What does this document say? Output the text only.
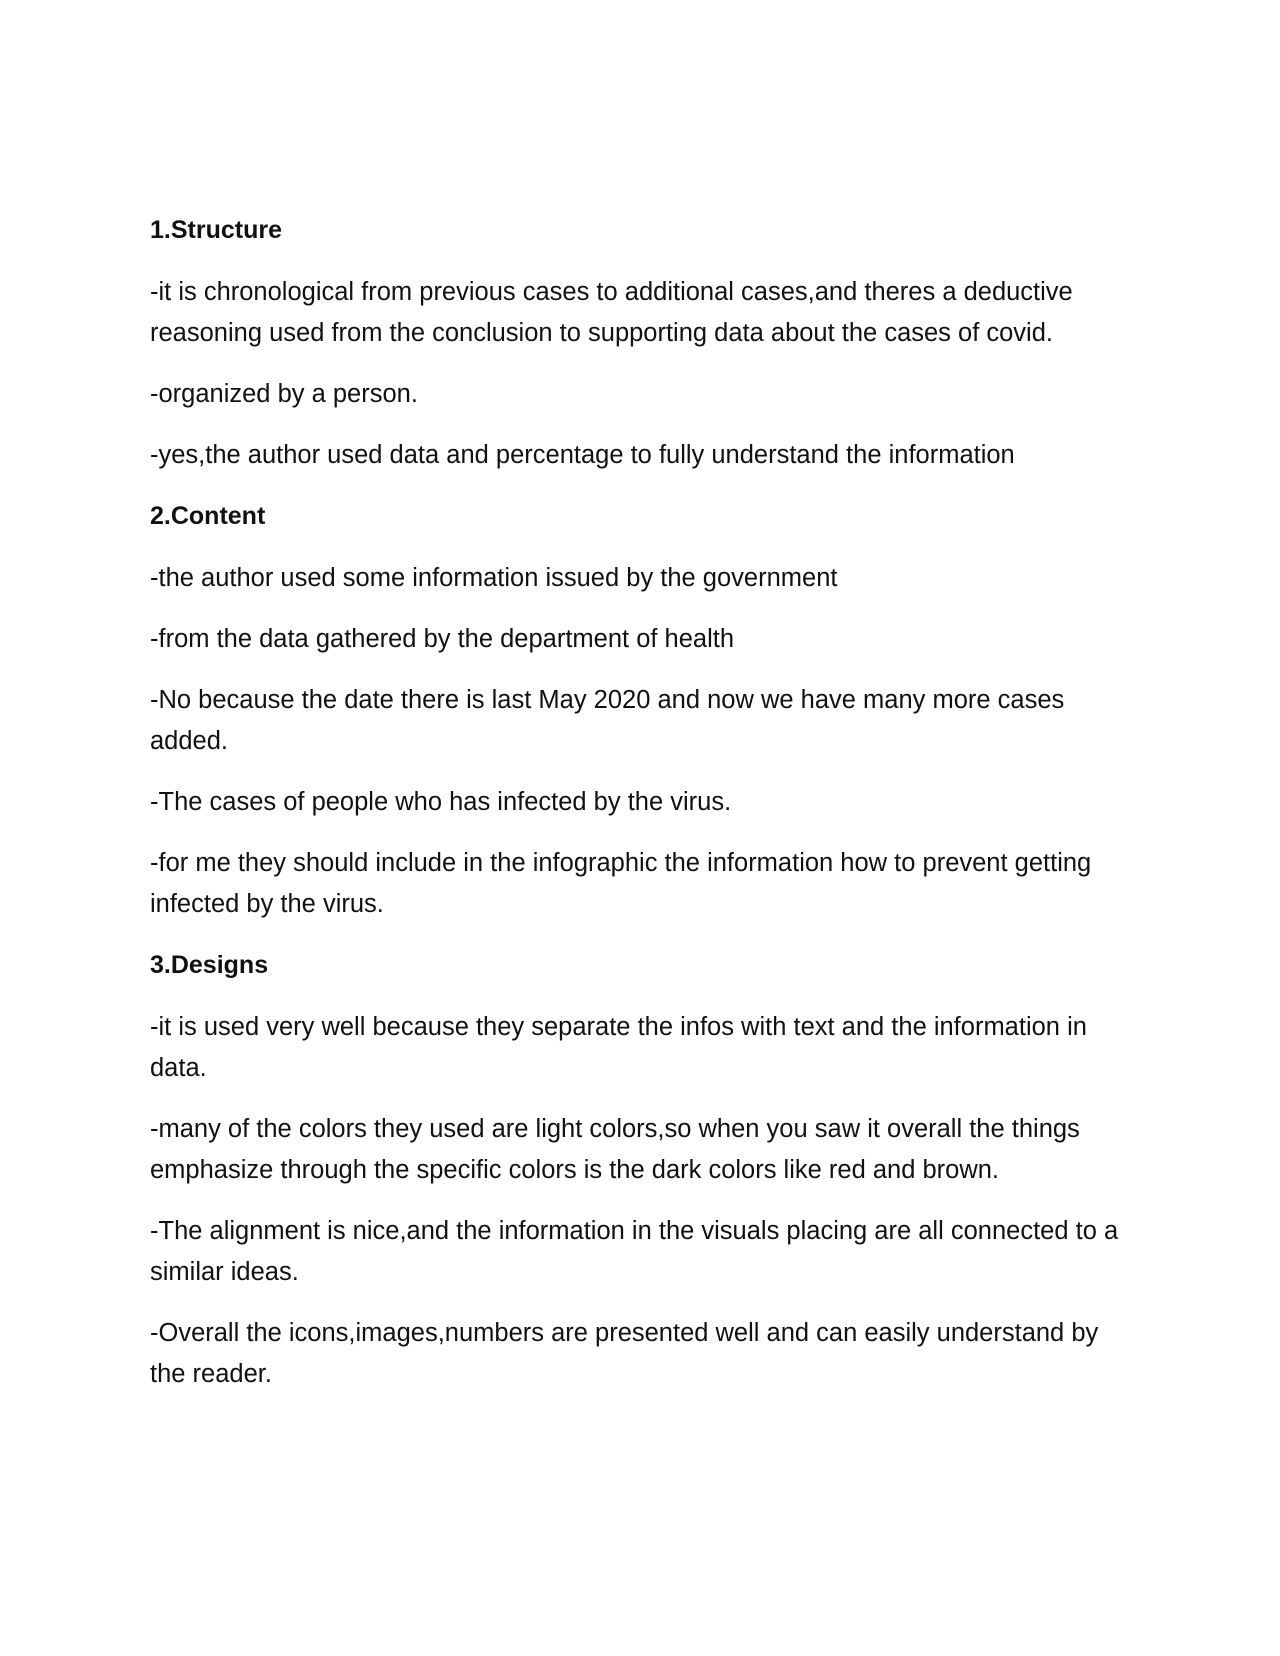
1.Structure

-it is chronological from previous cases to additional cases,and theres a deductive reasoning used from the conclusion to supporting data about the cases of covid.

-organized by a person.

-yes,the author used data and percentage to fully understand the information

2.Content

-the author used some information issued by the government

-from the data gathered by the department of health

-No because the date there is last May 2020 and now we have many more cases added.

-The cases of people who has infected by the virus.

-for me they should include in the infographic the information how to prevent getting infected by the virus.

3.Designs

-it is used very well because they separate the infos with text and the information in data.

-many of the colors they used are light colors,so when you saw it overall the things emphasize through the specific colors is the dark colors like red and brown.

-The alignment is nice,and the information in the visuals placing are all connected to a similar ideas.

-Overall the icons,images,numbers are presented well and can easily understand by the reader.
